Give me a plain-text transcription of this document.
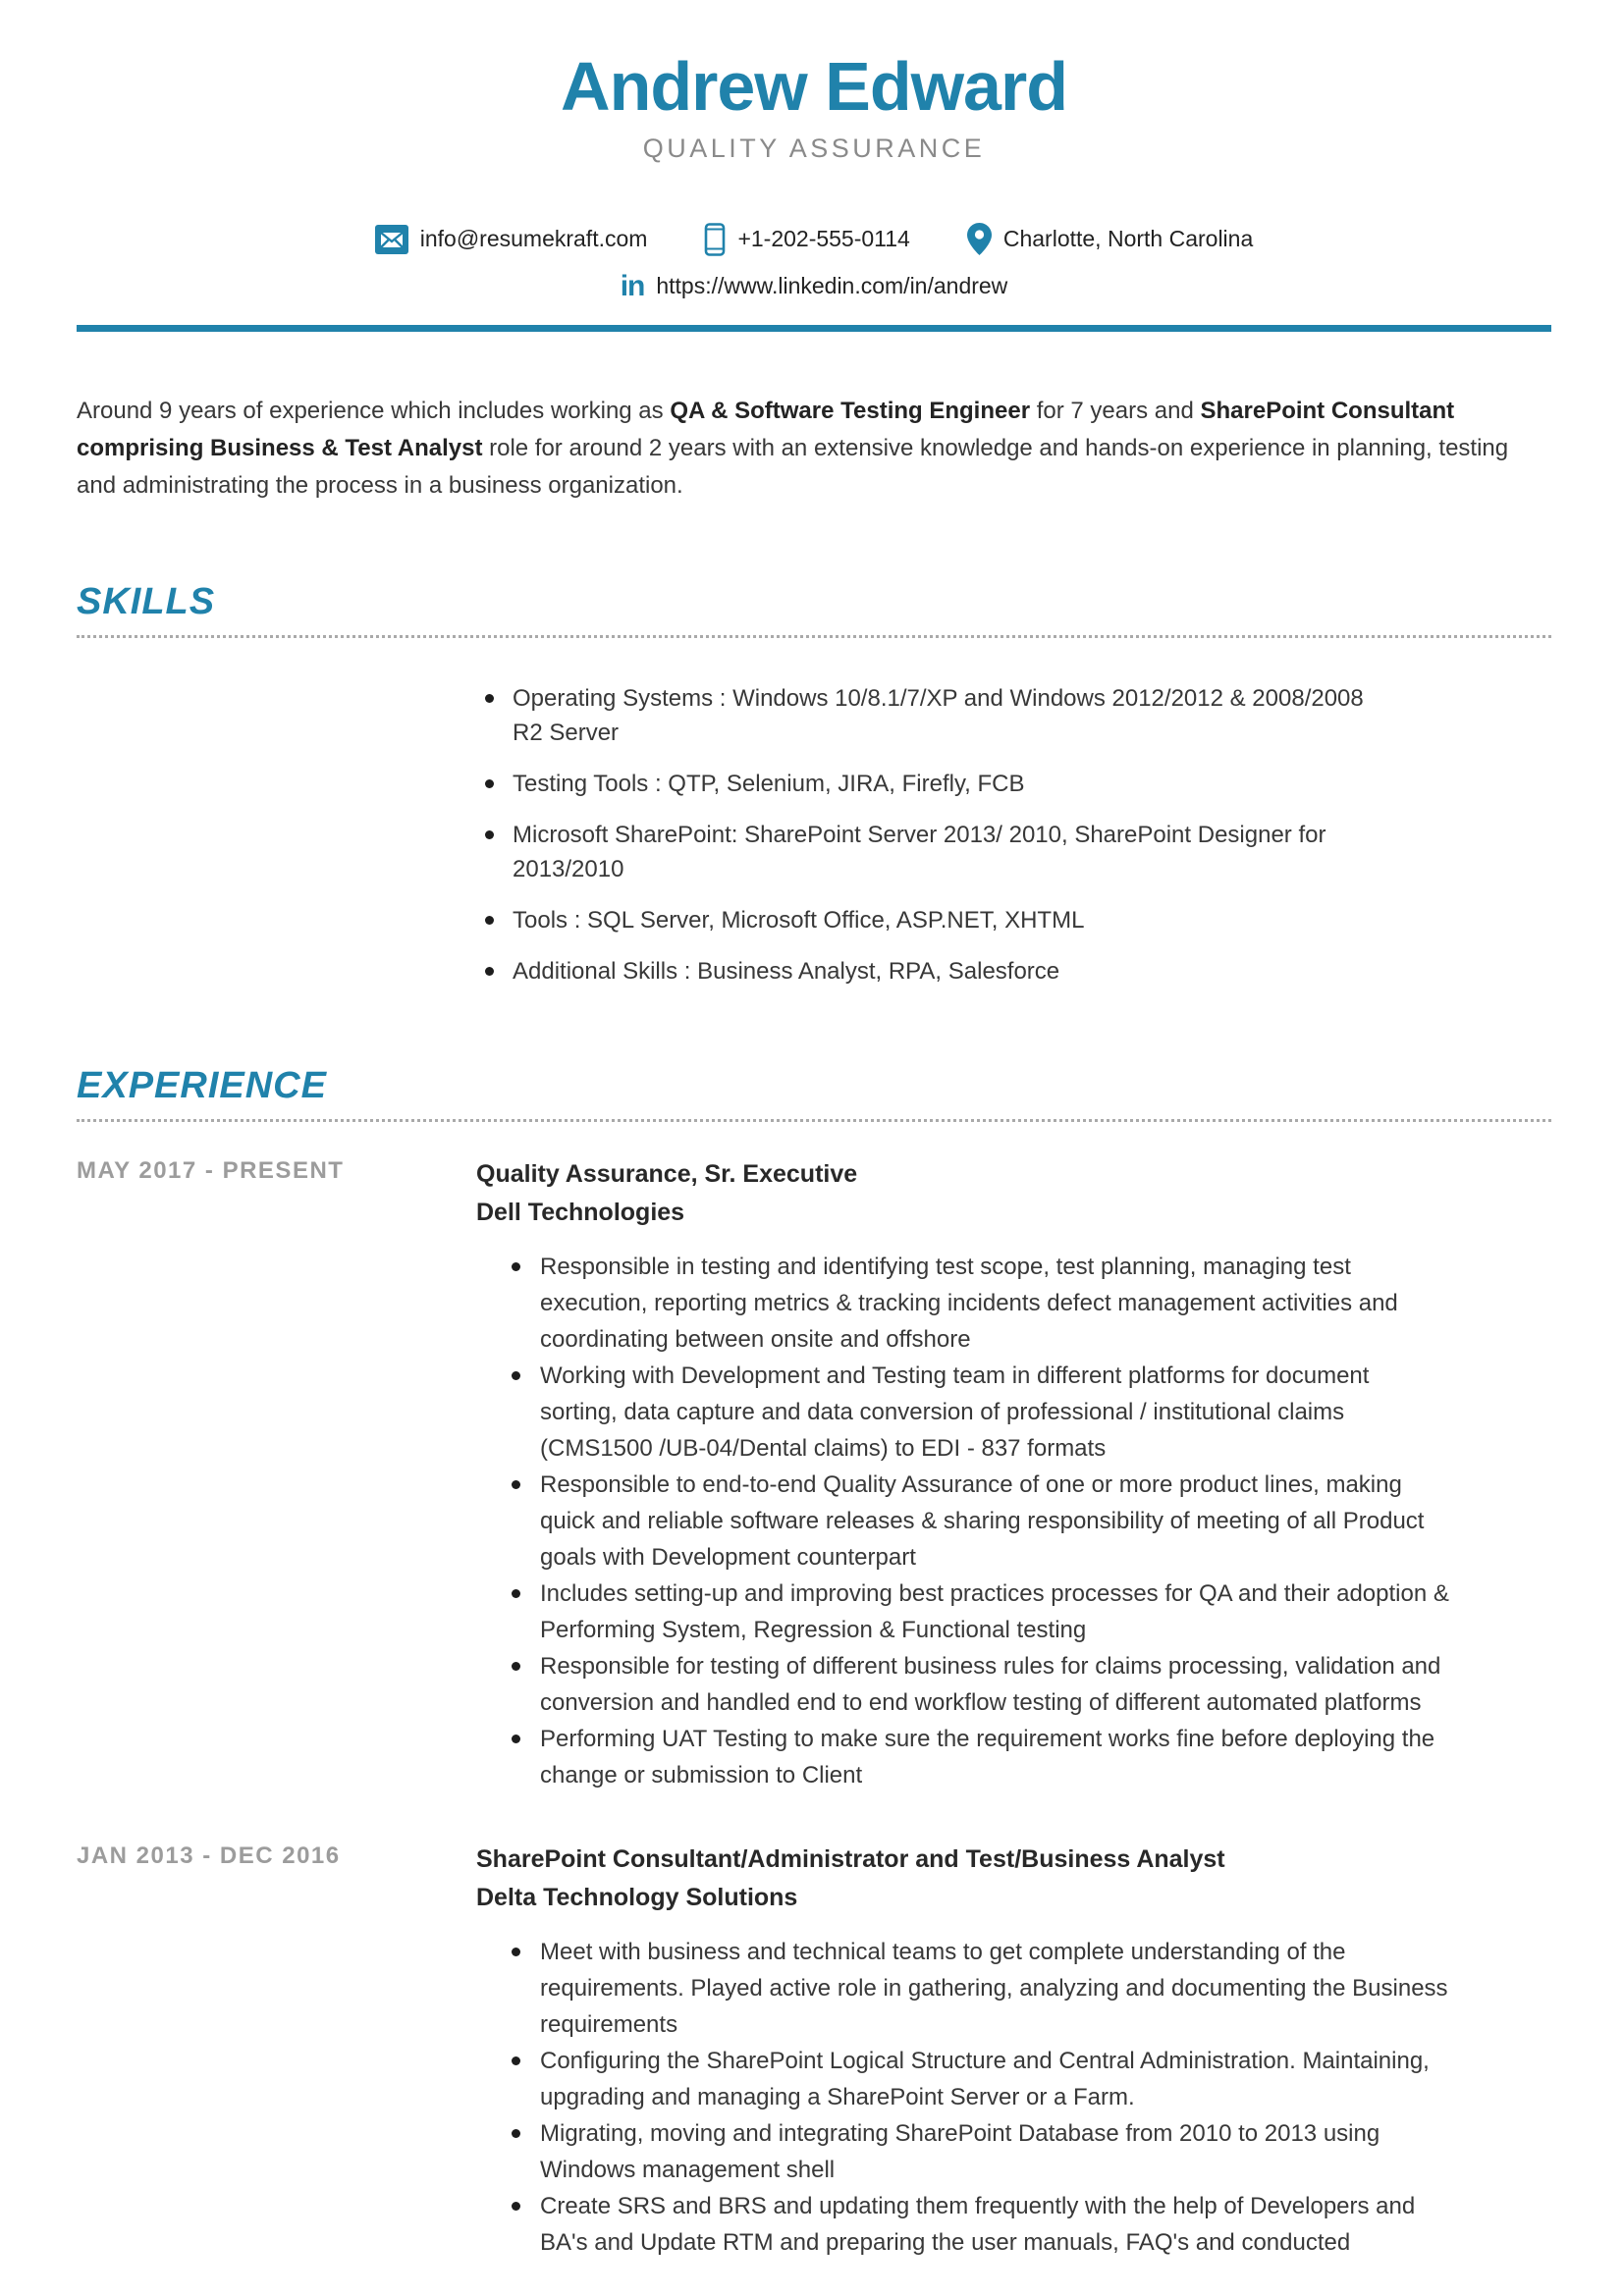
Andrew Edward
QUALITY ASSURANCE
info@resumekraft.com	+1-202-555-0114	Charlotte, North Carolina
in https://www.linkedin.com/in/andrew

Around 9 years of experience which includes working as QA & Software Testing Engineer for 7 years and SharePoint Consultant comprising Business & Test Analyst role for around 2 years with an extensive knowledge and hands-on experience in planning, testing and administrating the process in a business organization.

SKILLS
Operating Systems : Windows 10/8.1/7/XP and Windows 2012/2012 & 2008/2008 R2 Server
Testing Tools : QTP, Selenium, JIRA, Firefly, FCB
Microsoft SharePoint: SharePoint Server 2013/ 2010, SharePoint Designer for 2013/2010
Tools : SQL Server, Microsoft Office, ASP.NET, XHTML
Additional Skills : Business Analyst, RPA, Salesforce
EXPERIENCE
MAY 2017 - PRESENT	Quality Assurance, Sr. Executive
Dell Technologies
Responsible in testing and identifying test scope, test planning, managing test execution, reporting metrics & tracking incidents defect management activities and coordinating between onsite and offshore
Working with Development and Testing team in different platforms for document sorting, data capture and data conversion of professional / institutional claims (CMS1500 /UB-04/Dental claims) to EDI - 837 formats
Responsible to end-to-end Quality Assurance of one or more product lines, making quick and reliable software releases & sharing responsibility of meeting of all Product goals with Development counterpart
Includes setting-up and improving best practices processes for QA and their adoption & Performing System, Regression & Functional testing
Responsible for testing of different business rules for claims processing, validation and conversion and handled end to end workflow testing of different automated platforms
Performing UAT Testing to make sure the requirement works fine before deploying the change or submission to Client
JAN 2013 - DEC 2016	SharePoint Consultant/Administrator and Test/Business Analyst
Delta Technology Solutions
Meet with business and technical teams to get complete understanding of the requirements. Played active role in gathering, analyzing and documenting the Business requirements
Configuring the SharePoint Logical Structure and Central Administration. Maintaining, upgrading and managing a SharePoint Server or a Farm.
Migrating, moving and integrating SharePoint Database from 2010 to 2013 using Windows management shell
Create SRS and BRS and updating them frequently with the help of Developers and BA's and Update RTM and preparing the user manuals, FAQ's and conducted
